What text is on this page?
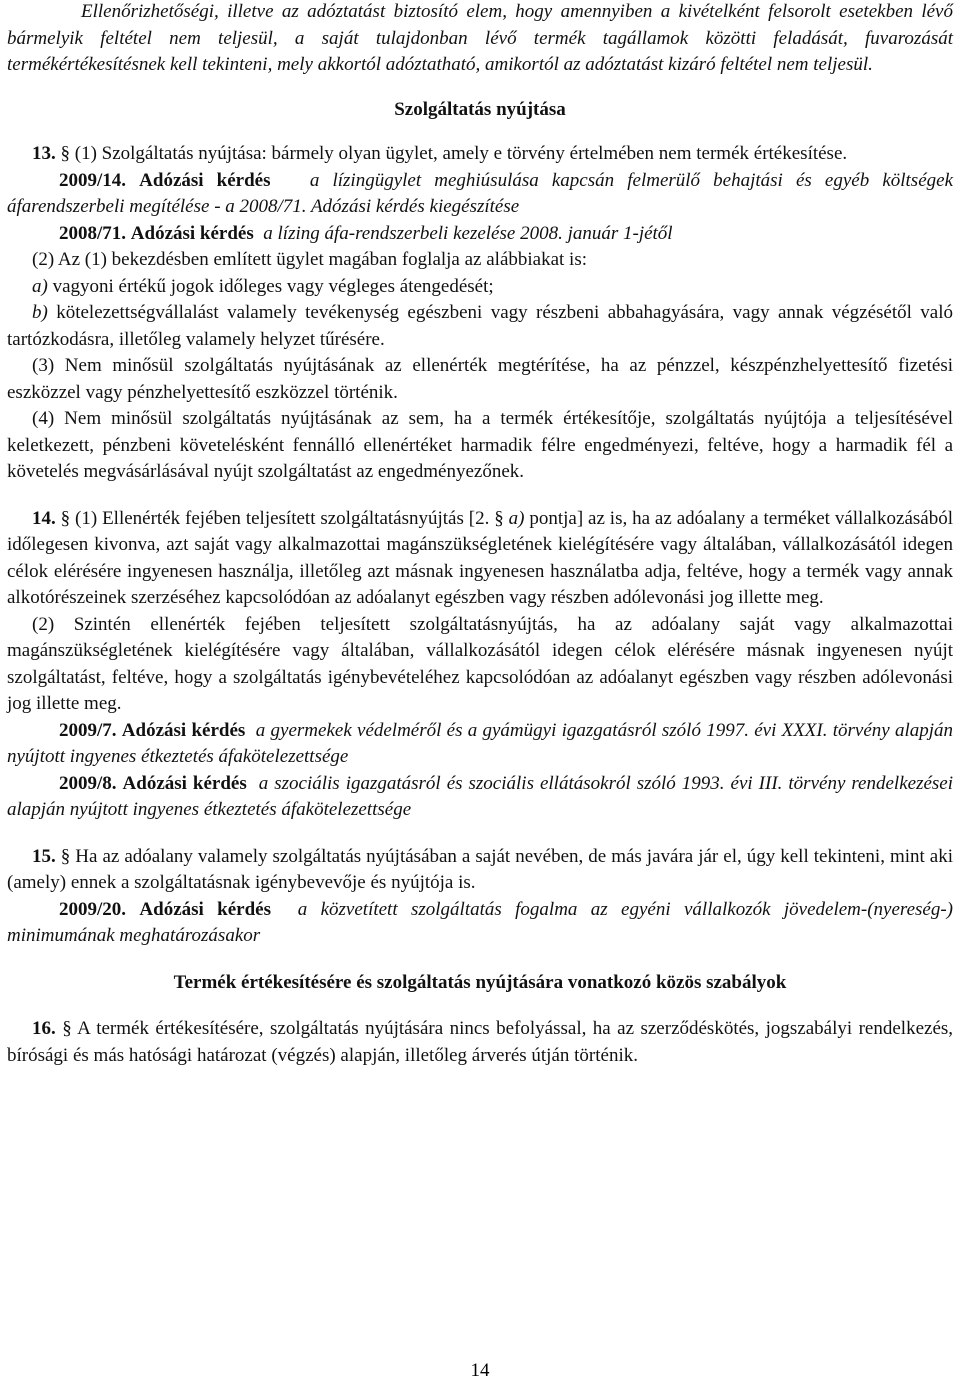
Ellenőrizhetőségi, illetve az adóztatást biztosító elem, hogy amennyiben a kivételként felsorolt esetekben lévő bármelyik feltétel nem teljesül, a saját tulajdonban lévő termék tagállamok közötti feladását, fuvarozását termékértékesítésnek kell tekinteni, mely akkortól adóztatható, amikortól az adóztatást kizáró feltétel nem teljesül.

Szolgáltatás nyújtása

13. § (1) Szolgáltatás nyújtása: bármely olyan ügylet, amely e törvény értelmében nem termék értékesítése.

2009/14. Adózási kérdés a lízingügylet meghiúsulása kapcsán felmerülő behajtási és egyéb költségek áfarendszerbeli megítélése - a 2008/71. Adózási kérdés kiegészítése

2008/71. Adózási kérdés a lízing áfa-rendszerbeli kezelése 2008. január 1-jétől

(2) Az (1) bekezdésben említett ügylet magában foglalja az alábbiakat is:

a) vagyoni értékű jogok időleges vagy végleges átengedését;

b) kötelezettségvállalást valamely tevékenység egészbeni vagy részbeni abbahagyására, vagy annak végzésétől való tartózkodásra, illetőleg valamely helyzet tűrésére.

(3) Nem minősül szolgáltatás nyújtásának az ellenérték megtérítése, ha az pénzzel, készpénzhelyettesítő fizetési eszközzel vagy pénzhelyettesítő eszközzel történik.

(4) Nem minősül szolgáltatás nyújtásának az sem, ha a termék értékesítője, szolgáltatás nyújtója a teljesítésével keletkezett, pénzbeni követelésként fennálló ellenértéket harmadik félre engedményezi, feltéve, hogy a harmadik fél a követelés megvásárlásával nyújt szolgáltatást az engedményezőnek.

14. § (1) Ellenérték fejében teljesített szolgáltatásnyújtás [2. § a) pontja] az is, ha az adóalany a terméket vállalkozásából időlegesen kivonva, azt saját vagy alkalmazottai magánszükségletének kielégítésére vagy általában, vállalkozásától idegen célok elérésére ingyenesen használja, illetőleg azt másnak ingyenesen használatba adja, feltéve, hogy a termék vagy annak alkotórészeinek szerzéséhez kapcsolódóan az adóalanyt egészben vagy részben adólevonási jog illette meg.

(2) Szintén ellenérték fejében teljesített szolgáltatásnyújtás, ha az adóalany saját vagy alkalmazottai magánszükségletének kielégítésére vagy általában, vállalkozásától idegen célok elérésére másnak ingyenesen nyújt szolgáltatást, feltéve, hogy a szolgáltatás igénybevételéhez kapcsolódóan az adóalanyt egészben vagy részben adólevonási jog illette meg.

2009/7. Adózási kérdés a gyermekek védelméről és a gyámügyi igazgatásról szóló 1997. évi XXXI. törvény alapján nyújtott ingyenes étkeztetés áfakötelezettsége

2009/8. Adózási kérdés a szociális igazgatásról és szociális ellátásokról szóló 1993. évi III. törvény rendelkezései alapján nyújtott ingyenes étkeztetés áfakötelezettsége

15. § Ha az adóalany valamely szolgáltatás nyújtásában a saját nevében, de más javára jár el, úgy kell tekinteni, mint aki (amely) ennek a szolgáltatásnak igénybevevője és nyújtója is.

2009/20. Adózási kérdés a közvetített szolgáltatás fogalma az egyéni vállalkozók jövedelem-(nyereség-) minimumának meghatározásakor

Termék értékesítésére és szolgáltatás nyújtására vonatkozó közös szabályok

16. § A termék értékesítésére, szolgáltatás nyújtására nincs befolyással, ha az szerződéskötés, jogszabályi rendelkezés, bírósági és más hatósági határozat (végzés) alapján, illetőleg árverés útján történik.

14
